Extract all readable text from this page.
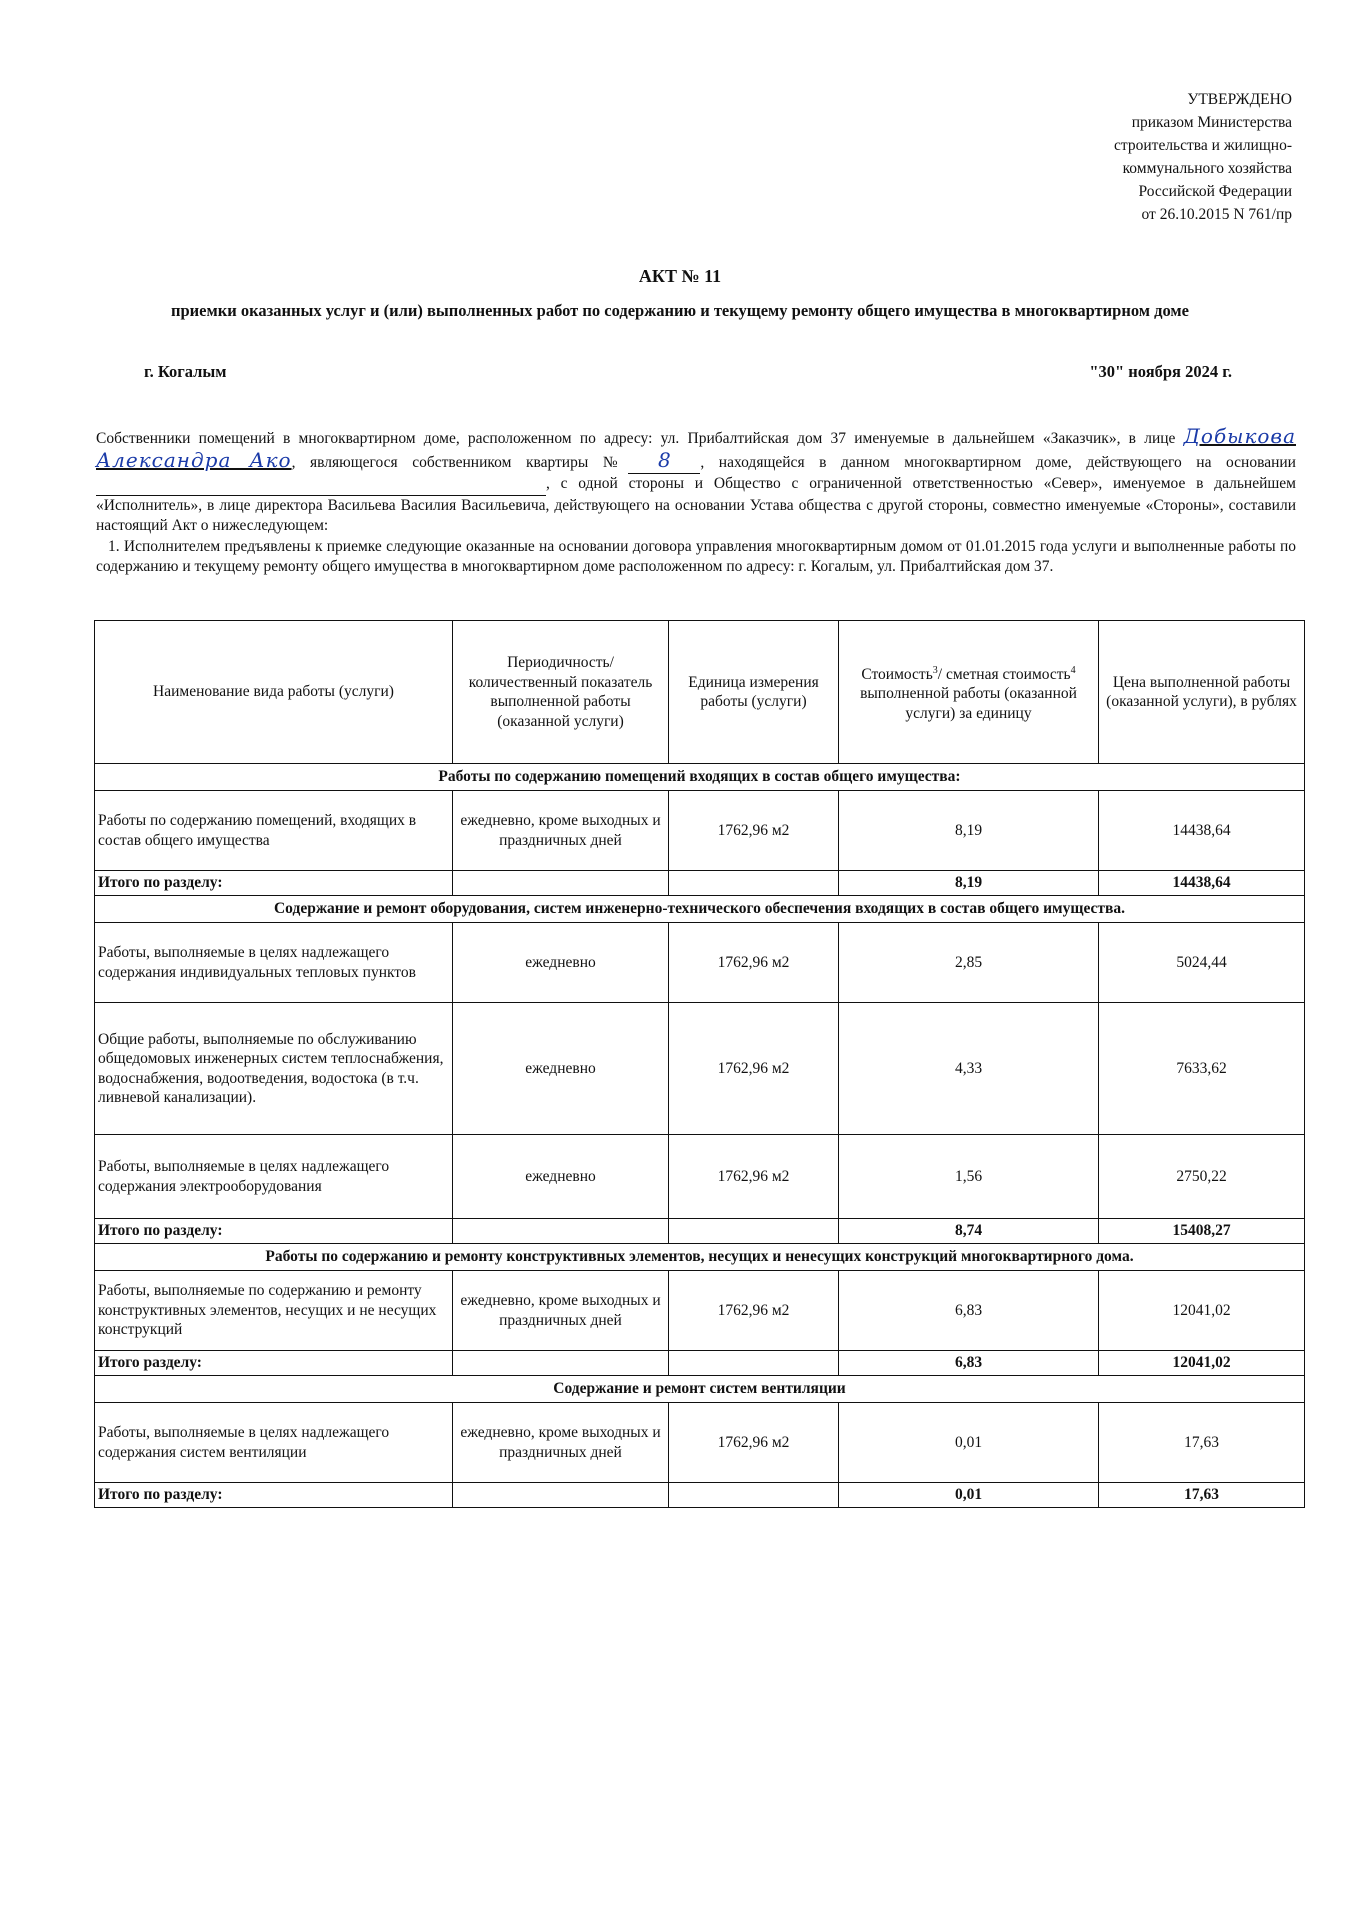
УТВЕРЖДЕНО
приказом Министерства
строительства и жилищно-
коммунального хозяйства
Российской Федерации
от 26.10.2015 N 761/пр
АКТ № 11
приемки оказанных услуг и (или) выполненных работ по содержанию и текущему ремонту общего имущества в многоквартирном доме
г. Когалым	"30" ноября 2024 г.

Собственники помещений в многоквартирном доме, расположенном по адресу: ул. Прибалтийская дом 37 именуемые в дальнейшем «Заказчик», в лице Добыкова Александра Ако, являющегося собственником квартиры № 8 , находящейся в данном многоквартирном доме, действующего на основании  , с одной стороны и Общество с ограниченной ответственностью «Север», именуемое в дальнейшем «Исполнитель», в лице директора Васильева Василия Васильевича, действующего на основании Устава общества с другой стороны, совместно именуемые «Стороны», составили настоящий Акт о нижеследующем:

1. Исполнителем предъявлены к приемке следующие оказанные на основании договора управления многоквартирным домом от 01.01.2015 года услуги и выполненные работы по содержанию и текущему ремонту общего имущества в многоквартирном доме расположенном по адресу: г. Когалым, ул. Прибалтийская дом 37.

Наименование вида работы (услуги)	Периодичность/ количественный показатель выполненной работы (оказанной услуги)	Единица измерения работы (услуги)	Стоимость$^3$/ сметная стоимость$^4$ выполненной работы (оказанной услуги) за единицу	Цена выполненной работы (оказанной услуги), в рублях
Работы по содержанию помещений входящих в состав общего имущества:				
Работы по содержанию помещений, входящих в состав общего имущества	ежедневно, кроме выходных и праздничных дней	1762,96 м2	8,19	14438,64
Итого по разделу:			8,19	14438,64
Содержание и ремонт оборудования, систем инженерно-технического обеспечения входящих в состав общего имущества.				
Работы, выполняемые в целях надлежащего содержания индивидуальных тепловых пунктов	ежедневно	1762,96 м2	2,85	5024,44
Общие работы, выполняемые по обслуживанию общедомовых инженерных систем теплоснабжения, водоснабжения, водоотведения, водостока (в т.ч. ливневой канализации).	ежедневно	1762,96 м2	4,33	7633,62
Работы, выполняемые в целях надлежащего содержания электрооборудования	ежедневно	1762,96 м2	1,56	2750,22
Итого по разделу:			8,74	15408,27
Работы по содержанию и ремонту конструктивных элементов, несущих и ненесущих конструкций многоквартирного дома.				
Работы, выполняемые по содержанию и ремонту конструктивных элементов, несущих и не несущих конструкций	ежедневно, кроме выходных и праздничных дней	1762,96 м2	6,83	12041,02
Итого разделу:			6,83	12041,02
Содержание и ремонт систем вентиляции				
Работы, выполняемые в целях надлежащего содержания систем вентиляции	ежедневно, кроме выходных и праздничных дней	1762,96 м2	0,01	17,63
Итого по разделу:			0,01	17,63
